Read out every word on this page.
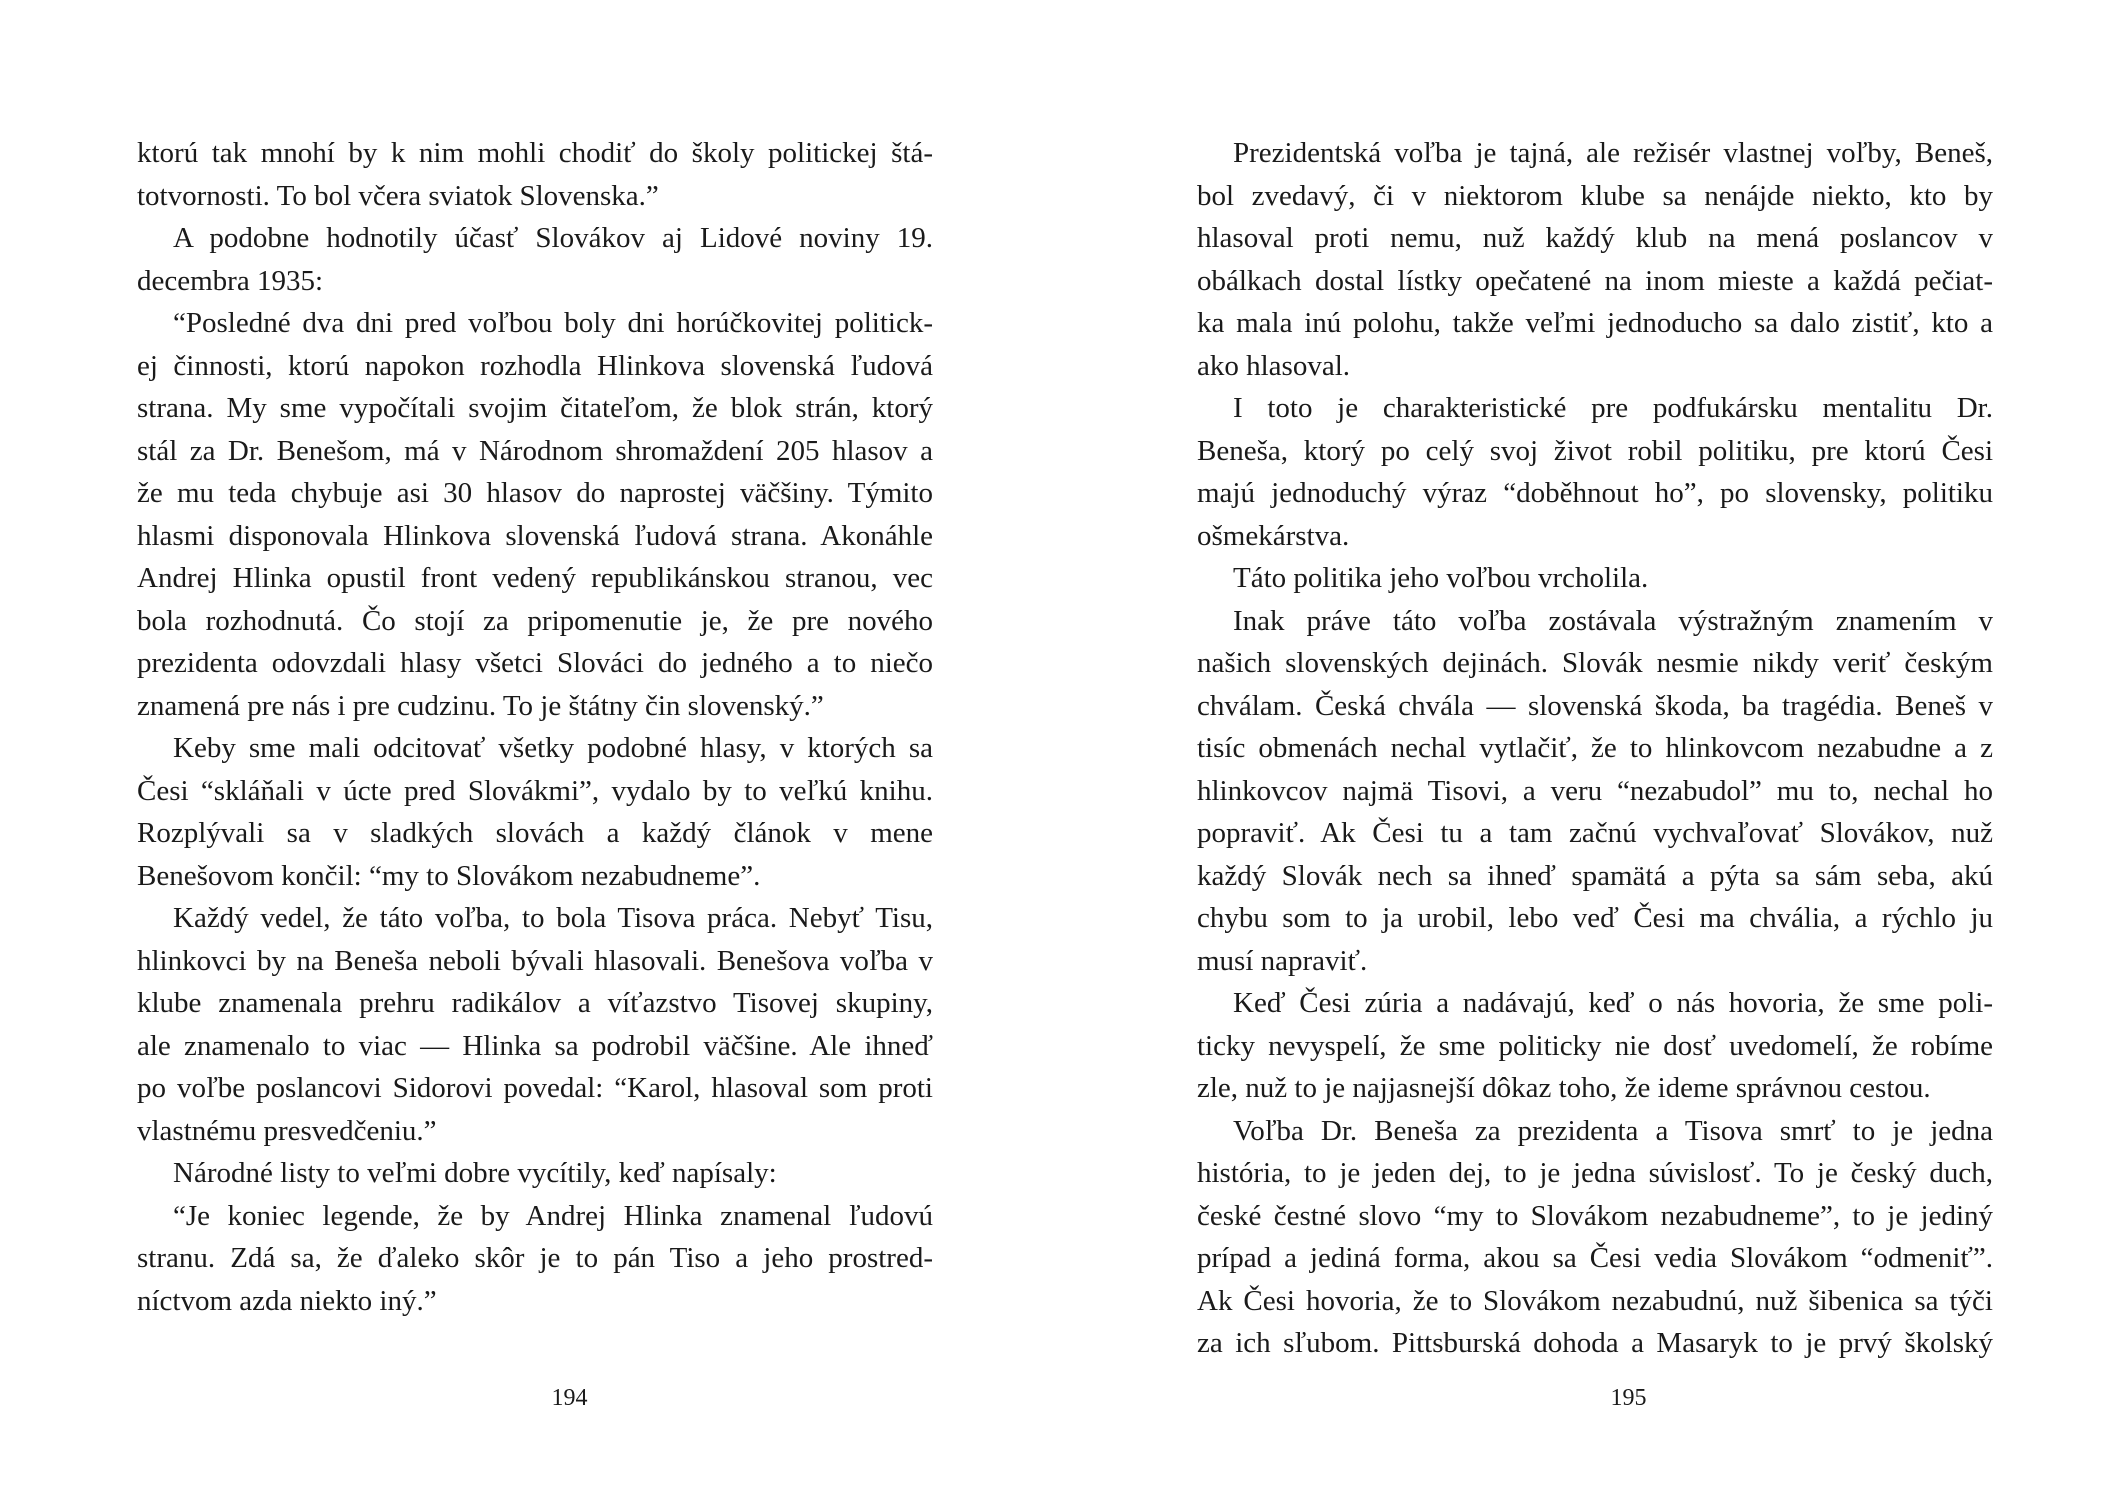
ktorú tak mnohí by k nim mohli chodiť do školy politickej štá-
totvornosti. To bol včera sviatok Slovenska.”
A podobne hodnotily účasť Slovákov aj Lidové noviny 19.
decembra 1935:
“Posledné dva dni pred voľbou boly dni horúčkovitej politick-
ej činnosti, ktorú napokon rozhodla Hlinkova slovenská ľudová
strana. My sme vypočítali svojim čitateľom, že blok strán, ktorý
stál za Dr. Benešom, má v Národnom shromaždení 205 hlasov a
že mu teda chybuje asi 30 hlasov do naprostej väčšiny. Týmito
hlasmi disponovala Hlinkova slovenská ľudová strana. Akonáhle
Andrej Hlinka opustil front vedený republikánskou stranou, vec
bola rozhodnutá. Čo stojí za pripomenutie je, že pre nového
prezidenta odovzdali hlasy všetci Slováci do jedného a to niečo
znamená pre nás i pre cudzinu. To je štátny čin slovenský.”
Keby sme mali odcitovať všetky podobné hlasy, v ktorých sa
Česi “skláňali v úcte pred Slovákmi”, vydalo by to veľkú knihu.
Rozplývali sa v sladkých slovách a každý článok v mene
Benešovom končil: “my to Slovákom nezabudneme”.
Každý vedel, že táto voľba, to bola Tisova práca. Nebyť Tisu,
hlinkovci by na Beneša neboli bývali hlasovali. Benešova voľba v
klube znamenala prehru radikálov a víťazstvo Tisovej skupiny,
ale znamenalo to viac — Hlinka sa podrobil väčšine. Ale ihneď
po voľbe poslancovi Sidorovi povedal: “Karol, hlasoval som proti
vlastnému presvedčeniu.”
Národné listy to veľmi dobre vycítily, keď napísaly:
“Je koniec legende, že by Andrej Hlinka znamenal ľudovú
stranu. Zdá sa, že ďaleko skôr je to pán Tiso a jeho prostred-
níctvom azda niekto iný.”
194
Prezidentská voľba je tajná, ale režisér vlastnej voľby, Beneš,
bol zvedavý, či v niektorom klube sa nenájde niekto, kto by
hlasoval proti nemu, nuž každý klub na mená poslancov v
obálkach dostal lístky opečatené na inom mieste a každá pečiat-
ka mala inú polohu, takže veľmi jednoducho sa dalo zistiť, kto a
ako hlasoval.
I toto je charakteristické pre podfukársku mentalitu Dr.
Beneša, ktorý po celý svoj život robil politiku, pre ktorú Česi
majú jednoduchý výraz “doběhnout ho”, po slovensky, politiku
ošmekárstva.
Táto politika jeho voľbou vrcholila.
Inak práve táto voľba zostávala výstražným znamením v
našich slovenských dejinách. Slovák nesmie nikdy veriť českým
chválam. Česká chvála — slovenská škoda, ba tragédia. Beneš v
tisíc obmenách nechal vytlačiť, že to hlinkovcom nezabudne a z
hlinkovcov najmä Tisovi, a veru “nezabudol” mu to, nechal ho
popraviť. Ak Česi tu a tam začnú vychvaľovať Slovákov, nuž
každý Slovák nech sa ihneď spamätá a pýta sa sám seba, akú
chybu som to ja urobil, lebo veď Česi ma chvália, a rýchlo ju
musí napraviť.
Keď Česi zúria a nadávajú, keď o nás hovoria, že sme poli-
ticky nevyspelí, že sme politicky nie dosť uvedomelí, že robíme
zle, nuž to je najjasnejší dôkaz toho, že ideme správnou cestou.
Voľba Dr. Beneša za prezidenta a Tisova smrť to je jedna
história, to je jeden dej, to je jedna súvislosť. To je český duch,
české čestné slovo “my to Slovákom nezabudneme”, to je jediný
prípad a jediná forma, akou sa Česi vedia Slovákom “odmeniť”.
Ak Česi hovoria, že to Slovákom nezabudnú, nuž šibenica sa týči
za ich sľubom. Pittsburská dohoda a Masaryk to je prvý školský
195
